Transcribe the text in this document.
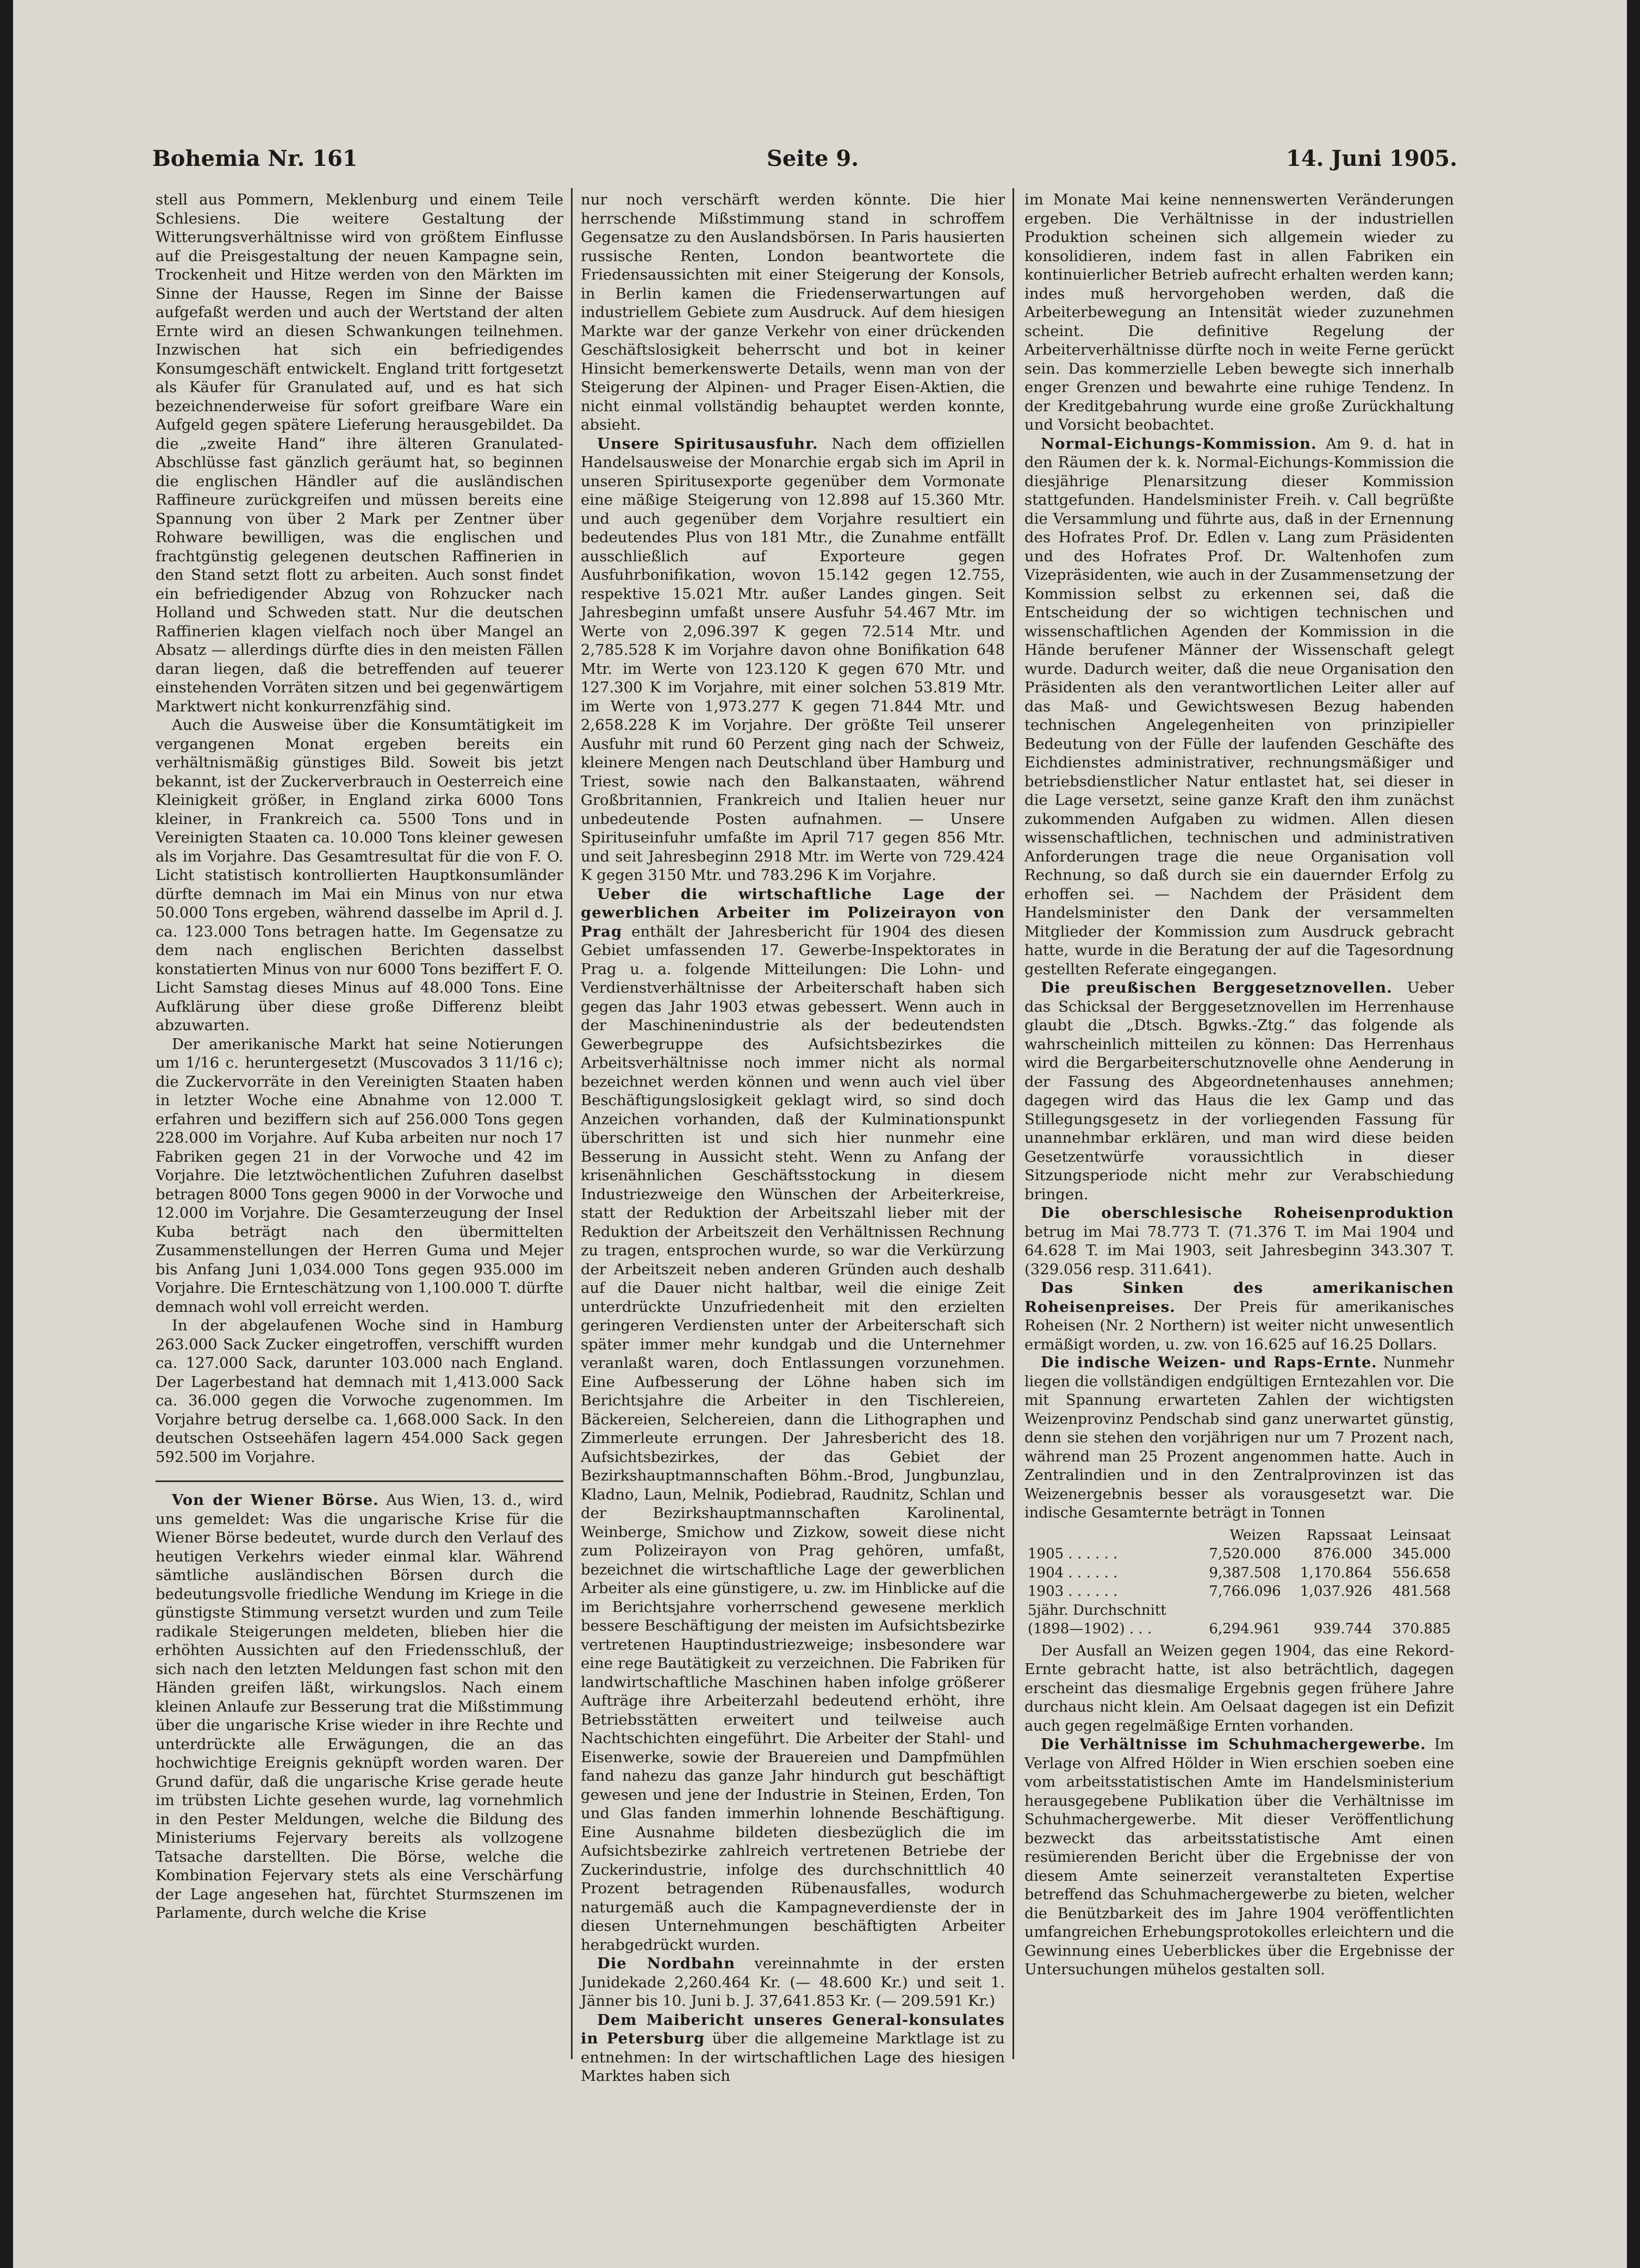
Bohemia Nr. 161	Seite 9.	14. Juni 1905.

stell aus Pommern, Meklenburg und einem Teile Schlesiens. Die weitere Gestaltung der Witterungsverhältnisse wird von größtem Einflusse auf die Preisgestaltung der neuen Kampagne sein, Trockenheit und Hitze werden von den Märkten im Sinne der Hausse, Regen im Sinne der Baisse aufgefaßt werden und auch der Wertstand der alten Ernte wird an diesen Schwankungen teilnehmen. Inzwischen hat sich ein befriedigendes Konsumgeschäft entwickelt. England tritt fortgesetzt als Käufer für Granulated auf, und es hat sich bezeichnenderweise für sofort greifbare Ware ein Aufgeld gegen spätere Lieferung herausgebildet. Da die „zweite Hand“ ihre älteren Granulated-Abschlüsse fast gänzlich geräumt hat, so beginnen die englischen Händler auf die ausländischen Raffineure zurückgreifen und müssen bereits eine Spannung von über 2 Mark per Zentner über Rohware bewilligen, was die englischen und frachtgünstig gelegenen deutschen Raffinerien in den Stand setzt flott zu arbeiten. Auch sonst findet ein befriedigender Abzug von Rohzucker nach Holland und Schweden statt. Nur die deutschen Raffinerien klagen vielfach noch über Mangel an Absatz — allerdings dürfte dies in den meisten Fällen daran liegen, daß die betreffenden auf teuerer einstehenden Vorräten sitzen und bei gegenwärtigem Marktwert nicht konkurrenzfähig sind.

Auch die Ausweise über die Konsumtätigkeit im vergangenen Monat ergeben bereits ein verhältnismäßig günstiges Bild. Soweit bis jetzt bekannt, ist der Zuckerverbrauch in Oesterreich eine Kleinigkeit größer, in England zirka 6000 Tons kleiner, in Frankreich ca. 5500 Tons und in Vereinigten Staaten ca. 10.000 Tons kleiner gewesen als im Vorjahre. Das Gesamtresultat für die von F. O. Licht statistisch kontrollierten Hauptkonsumländer dürfte demnach im Mai ein Minus von nur etwa 50.000 Tons ergeben, während dasselbe im April d. J. ca. 123.000 Tons betragen hatte. Im Gegensatze zu dem nach englischen Berichten dasselbst konstatierten Minus von nur 6000 Tons beziffert F. O. Licht Samstag dieses Minus auf 48.000 Tons. Eine Aufklärung über diese große Differenz bleibt abzuwarten.

Der amerikanische Markt hat seine Notierungen um 1/16 c. heruntergesetzt (Muscovados 3 11/16 c); die Zuckervorräte in den Vereinigten Staaten haben in letzter Woche eine Abnahme von 12.000 T. erfahren und beziffern sich auf 256.000 Tons gegen 228.000 im Vorjahre. Auf Kuba arbeiten nur noch 17 Fabriken gegen 21 in der Vorwoche und 42 im Vorjahre. Die letztwöchentlichen Zufuhren daselbst betragen 8000 Tons gegen 9000 in der Vorwoche und 12.000 im Vorjahre. Die Gesamterzeugung der Insel Kuba beträgt nach den übermittelten Zusammenstellungen der Herren Guma und Mejer bis Anfang Juni 1,034.000 Tons gegen 935.000 im Vorjahre. Die Ernteschätzung von 1,100.000 T. dürfte demnach wohl voll erreicht werden.

In der abgelaufenen Woche sind in Hamburg 263.000 Sack Zucker eingetroffen, verschifft wurden ca. 127.000 Sack, darunter 103.000 nach England. Der Lagerbestand hat demnach mit 1,413.000 Sack ca. 36.000 gegen die Vorwoche zugenommen. Im Vorjahre betrug derselbe ca. 1,668.000 Sack. In den deutschen Ostseehäfen lagern 454.000 Sack gegen 592.500 im Vorjahre.

Von der Wiener Börse. Aus Wien, 13. d., wird uns gemeldet: Was die ungarische Krise für die Wiener Börse bedeutet, wurde durch den Verlauf des heutigen Verkehrs wieder einmal klar. Während sämtliche ausländischen Börsen durch die bedeutungsvolle friedliche Wendung im Kriege in die günstigste Stimmung versetzt wurden und zum Teile radikale Steigerungen meldeten, blieben hier die erhöhten Aussichten auf den Friedensschluß, der sich nach den letzten Meldungen fast schon mit den Händen greifen läßt, wirkungslos. Nach einem kleinen Anlaufe zur Besserung trat die Mißstimmung über die ungarische Krise wieder in ihre Rechte und unterdrückte alle Erwägungen, die an das hochwichtige Ereignis geknüpft worden waren. Der Grund dafür, daß die ungarische Krise gerade heute im trübsten Lichte gesehen wurde, lag vornehmlich in den Pester Meldungen, welche die Bildung des Ministeriums Fejervary bereits als vollzogene Tatsache darstellten. Die Börse, welche die Kombination Fejervary stets als eine Verschärfung der Lage angesehen hat, fürchtet Sturmszenen im Parlamente, durch welche die Krise

nur noch verschärft werden könnte. Die hier herrschende Mißstimmung stand in schroffem Gegensatze zu den Auslandsbörsen. In Paris hausierten russische Renten, London beantwortete die Friedensaussichten mit einer Steigerung der Konsols, in Berlin kamen die Friedenserwartungen auf industriellem Gebiete zum Ausdruck. Auf dem hiesigen Markte war der ganze Verkehr von einer drückenden Geschäftslosigkeit beherrscht und bot in keiner Hinsicht bemerkenswerte Details, wenn man von der Steigerung der Alpinen- und Prager Eisen-Aktien, die nicht einmal vollständig behauptet werden konnte, absieht.

Unsere Spiritusausfuhr. Nach dem offiziellen Handelsausweise der Monarchie ergab sich im April in unseren Spiritusexporte gegenüber dem Vormonate eine mäßige Steigerung von 12.898 auf 15.360 Mtr. und auch gegenüber dem Vorjahre resultiert ein bedeutendes Plus von 181 Mtr., die Zunahme entfällt ausschließlich auf Exporteure gegen Ausfuhrbonifikation, wovon 15.142 gegen 12.755, respektive 15.021 Mtr. außer Landes gingen. Seit Jahresbeginn umfaßt unsere Ausfuhr 54.467 Mtr. im Werte von 2,096.397 K gegen 72.514 Mtr. und 2,785.528 K im Vorjahre davon ohne Bonifikation 648 Mtr. im Werte von 123.120 K gegen 670 Mtr. und 127.300 K im Vorjahre, mit einer solchen 53.819 Mtr. im Werte von 1,973.277 K gegen 71.844 Mtr. und 2,658.228 K im Vorjahre. Der größte Teil unserer Ausfuhr mit rund 60 Perzent ging nach der Schweiz, kleinere Mengen nach Deutschland über Hamburg und Triest, sowie nach den Balkanstaaten, während Großbritannien, Frankreich und Italien heuer nur unbedeutende Posten aufnahmen. — Unsere Spirituseinfuhr umfaßte im April 717 gegen 856 Mtr. und seit Jahresbeginn 2918 Mtr. im Werte von 729.424 K gegen 3150 Mtr. und 783.296 K im Vorjahre.

Ueber die wirtschaftliche Lage der gewerblichen Arbeiter im Polizeirayon von Prag enthält der Jahresbericht für 1904 des diesen Gebiet umfassenden 17. Gewerbe-Inspektorates in Prag u. a. folgende Mitteilungen: Die Lohn- und Verdienstverhältnisse der Arbeiterschaft haben sich gegen das Jahr 1903 etwas gebessert. Wenn auch in der Maschinenindustrie als der bedeutendsten Gewerbegruppe des Aufsichtsbezirkes die Arbeitsverhältnisse noch immer nicht als normal bezeichnet werden können und wenn auch viel über Beschäftigungslosigkeit geklagt wird, so sind doch Anzeichen vorhanden, daß der Kulminationspunkt überschritten ist und sich hier nunmehr eine Besserung in Aussicht steht. Wenn zu Anfang der krisenähnlichen Geschäftsstockung in diesem Industriezweige den Wünschen der Arbeiterkreise, statt der Reduktion der Arbeitszahl lieber mit der Reduktion der Arbeitszeit den Verhältnissen Rechnung zu tragen, entsprochen wurde, so war die Verkürzung der Arbeitszeit neben anderen Gründen auch deshalb auf die Dauer nicht haltbar, weil die einige Zeit unterdrückte Unzufriedenheit mit den erzielten geringeren Verdiensten unter der Arbeiterschaft sich später immer mehr kundgab und die Unternehmer veranlaßt waren, doch Entlassungen vorzunehmen. Eine Aufbesserung der Löhne haben sich im Berichtsjahre die Arbeiter in den Tischlereien, Bäckereien, Selchereien, dann die Lithographen und Zimmerleute errungen. Der Jahresbericht des 18. Aufsichtsbezirkes, der das Gebiet der Bezirkshauptmannschaften Böhm.-Brod, Jungbunzlau, Kladno, Laun, Melnik, Podiebrad, Raudnitz, Schlan und der Bezirkshauptmannschaften Karolinental, Weinberge, Smichow und Zizkow, soweit diese nicht zum Polizeirayon von Prag gehören, umfaßt, bezeichnet die wirtschaftliche Lage der gewerblichen Arbeiter als eine günstigere, u. zw. im Hinblicke auf die im Berichtsjahre vorherrschend gewesene merklich bessere Beschäftigung der meisten im Aufsichtsbezirke vertretenen Hauptindustriezweige; insbesondere war eine rege Bautätigkeit zu verzeichnen. Die Fabriken für landwirtschaftliche Maschinen haben infolge größerer Aufträge ihre Arbeiterzahl bedeutend erhöht, ihre Betriebsstätten erweitert und teilweise auch Nachtschichten eingeführt. Die Arbeiter der Stahl- und Eisenwerke, sowie der Brauereien und Dampfmühlen fand nahezu das ganze Jahr hindurch gut beschäftigt gewesen und jene der Industrie in Steinen, Erden, Ton und Glas fanden immerhin lohnende Beschäftigung. Eine Ausnahme bildeten diesbezüglich die im Aufsichtsbezirke zahlreich vertretenen Betriebe der Zuckerindustrie, infolge des durchschnittlich 40 Prozent betragenden Rübenausfalles, wodurch naturgemäß auch die Kampagneverdienste der in diesen Unternehmungen beschäftigten Arbeiter herabgedrückt wurden.

Die Nordbahn vereinnahmte in der ersten Junidekade 2,260.464 Kr. (— 48.600 Kr.) und seit 1. Jänner bis 10. Juni b. J. 37,641.853 Kr. (— 209.591 Kr.)

Dem Maibericht unseres General-konsulates in Petersburg über die allgemeine Marktlage ist zu entnehmen: In der wirtschaftlichen Lage des hiesigen Marktes haben sich

im Monate Mai keine nennenswerten Veränderungen ergeben. Die Verhältnisse in der industriellen Produktion scheinen sich allgemein wieder zu konsolidieren, indem fast in allen Fabriken ein kontinuierlicher Betrieb aufrecht erhalten werden kann; indes muß hervorgehoben werden, daß die Arbeiterbewegung an Intensität wieder zuzunehmen scheint. Die definitive Regelung der Arbeiterverhältnisse dürfte noch in weite Ferne gerückt sein. Das kommerzielle Leben bewegte sich innerhalb enger Grenzen und bewahrte eine ruhige Tendenz. In der Kreditgebahrung wurde eine große Zurückhaltung und Vorsicht beobachtet.

Normal-Eichungs-Kommission. Am 9. d. hat in den Räumen der k. k. Normal-Eichungs-Kommission die diesjährige Plenarsitzung dieser Kommission stattgefunden. Handelsminister Freih. v. Call begrüßte die Versammlung und führte aus, daß in der Ernennung des Hofrates Prof. Dr. Edlen v. Lang zum Präsidenten und des Hofrates Prof. Dr. Waltenhofen zum Vizepräsidenten, wie auch in der Zusammensetzung der Kommission selbst zu erkennen sei, daß die Entscheidung der so wichtigen technischen und wissenschaftlichen Agenden der Kommission in die Hände berufener Männer der Wissenschaft gelegt wurde. Dadurch weiter, daß die neue Organisation den Präsidenten als den verantwortlichen Leiter aller auf das Maß- und Gewichtswesen Bezug habenden technischen Angelegenheiten von prinzipieller Bedeutung von der Fülle der laufenden Geschäfte des Eichdienstes administrativer, rechnungsmäßiger und betriebsdienstlicher Natur entlastet hat, sei dieser in die Lage versetzt, seine ganze Kraft den ihm zunächst zukommenden Aufgaben zu widmen. Allen diesen wissenschaftlichen, technischen und administrativen Anforderungen trage die neue Organisation voll Rechnung, so daß durch sie ein dauernder Erfolg zu erhoffen sei. — Nachdem der Präsident dem Handelsminister den Dank der versammelten Mitglieder der Kommission zum Ausdruck gebracht hatte, wurde in die Beratung der auf die Tagesordnung gestellten Referate eingegangen.

Die preußischen Berggesetznovellen. Ueber das Schicksal der Berggesetznovellen im Herrenhause glaubt die „Dtsch. Bgwks.-Ztg.“ das folgende als wahrscheinlich mitteilen zu können: Das Herrenhaus wird die Bergarbeiterschutznovelle ohne Aenderung in der Fassung des Abgeordnetenhauses annehmen; dagegen wird das Haus die lex Gamp und das Stillegungsgesetz in der vorliegenden Fassung für unannehmbar erklären, und man wird diese beiden Gesetzentwürfe voraussichtlich in dieser Sitzungsperiode nicht mehr zur Verabschiedung bringen.

Die oberschlesische Roheisenproduktion betrug im Mai 78.773 T. (71.376 T. im Mai 1904 und 64.628 T. im Mai 1903, seit Jahresbeginn 343.307 T. (329.056 resp. 311.641).

Das Sinken des amerikanischen Roheisenpreises. Der Preis für amerikanisches Roheisen (Nr. 2 Northern) ist weiter nicht unwesentlich ermäßigt worden, u. zw. von 16.625 auf 16.25 Dollars.

Die indische Weizen- und Raps-Ernte. Nunmehr liegen die vollständigen endgültigen Erntezahlen vor. Die mit Spannung erwarteten Zahlen der wichtigsten Weizenprovinz Pendschab sind ganz unerwartet günstig, denn sie stehen den vorjährigen nur um 7 Prozent nach, während man 25 Prozent angenommen hatte. Auch in Zentralindien und in den Zentralprovinzen ist das Weizenergebnis besser als vorausgesetzt war. Die indische Gesamternte beträgt in Tonnen

	Weizen	Rapssaat	Leinsaat
1905 . . . . . .	7,520.000	876.000	345.000
1904 . . . . . .	9,387.508	1,170.864	556.658
1903 . . . . . .	7,766.096	1,037.926	481.568
5jähr. Durchschnitt			
(1898—1902) . . .	6,294.961	939.744	370.885

Der Ausfall an Weizen gegen 1904, das eine Rekord-Ernte gebracht hatte, ist also beträchtlich, dagegen erscheint das diesmalige Ergebnis gegen frühere Jahre durchaus nicht klein. Am Oelsaat dagegen ist ein Defizit auch gegen regelmäßige Ernten vorhanden.

Die Verhältnisse im Schuhmachergewerbe. Im Verlage von Alfred Hölder in Wien erschien soeben eine vom arbeitsstatistischen Amte im Handelsministerium herausgegebene Publikation über die Verhältnisse im Schuhmachergewerbe. Mit dieser Veröffentlichung bezweckt das arbeitsstatistische Amt einen resümierenden Bericht über die Ergebnisse der von diesem Amte seinerzeit veranstalteten Expertise betreffend das Schuhmachergewerbe zu bieten, welcher die Benützbarkeit des im Jahre 1904 veröffentlichten umfangreichen Erhebungsprotokolles erleichtern und die Gewinnung eines Ueberblickes über die Ergebnisse der Untersuchungen mühelos gestalten soll.
